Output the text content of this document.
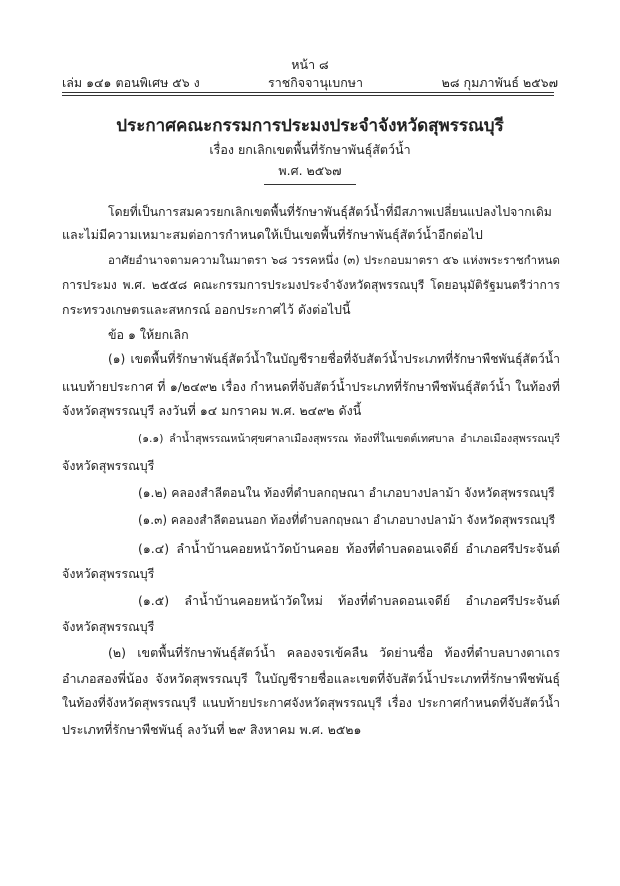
หน้า ๘
เล่ม ๑๔๑ ตอนพิเศษ ๕๖ ง	ราชกิจจานุเบกษา	๒๘ กุมภาพันธ์ ๒๕๖๗
ประกาศคณะกรรมการประมงประจำจังหวัดสุพรรณบุรี
เรื่อง ยกเลิกเขตพื้นที่รักษาพันธุ์สัตว์น้ำ
พ.ศ. ๒๕๖๗
โดยที่เป็นการสมควรยกเลิกเขตพื้นที่รักษาพันธุ์สัตว์น้ำที่มีสภาพเปลี่ยนแปลงไปจากเดิม
และไม่มีความเหมาะสมต่อการกำหนดให้เป็นเขตพื้นที่รักษาพันธุ์สัตว์น้ำอีกต่อไป
อาศัยอำนาจตามความในมาตรา ๖๘ วรรคหนึ่ง (๓) ประกอบมาตรา ๕๖ แห่งพระราชกำหนด
การประมง พ.ศ. ๒๕๕๘ คณะกรรมการประมงประจำจังหวัดสุพรรณบุรี โดยอนุมัติรัฐมนตรีว่าการ
กระทรวงเกษตรและสหกรณ์ ออกประกาศไว้ ดังต่อไปนี้
ข้อ ๑ ให้ยกเลิก
(๑) เขตพื้นที่รักษาพันธุ์สัตว์น้ำในบัญชีรายชื่อที่จับสัตว์น้ำประเภทที่รักษาพืชพันธุ์สัตว์น้ำ
แนบท้ายประกาศ ที่ ๑/๒๔๙๒ เรื่อง กำหนดที่จับสัตว์น้ำประเภทที่รักษาพืชพันธุ์สัตว์น้ำ ในท้องที่
จังหวัดสุพรรณบุรี ลงวันที่ ๑๔ มกราคม พ.ศ. ๒๔๙๒ ดังนี้
(๑.๑) ลำน้ำสุพรรณหน้าศุขศาลาเมืองสุพรรณ ท้องที่ในเขตต์เทศบาล อำเภอเมืองสุพรรณบุรี
จังหวัดสุพรรณบุรี
(๑.๒) คลองสำลีตอนใน ท้องที่ตำบลกฤษณา อำเภอบางปลาม้า จังหวัดสุพรรณบุรี
(๑.๓) คลองสำลีตอนนอก ท้องที่ตำบลกฤษณา อำเภอบางปลาม้า จังหวัดสุพรรณบุรี
(๑.๔) ลำน้ำบ้านคอยหน้าวัดบ้านคอย ท้องที่ตำบลดอนเจดีย์ อำเภอศรีประจันต์
จังหวัดสุพรรณบุรี
(๑.๕) ลำน้ำบ้านคอยหน้าวัดใหม่ ท้องที่ตำบลดอนเจดีย์ อำเภอศรีประจันต์
จังหวัดสุพรรณบุรี
(๒) เขตพื้นที่รักษาพันธุ์สัตว์น้ำ คลองจรเข้คลืน วัดย่านซื่อ ท้องที่ตำบลบางตาเถร
อำเภอสองพี่น้อง จังหวัดสุพรรณบุรี ในบัญชีรายชื่อและเขตที่จับสัตว์น้ำประเภทที่รักษาพืชพันธุ์
ในท้องที่จังหวัดสุพรรณบุรี แนบท้ายประกาศจังหวัดสุพรรณบุรี เรื่อง ประกาศกำหนดที่จับสัตว์น้ำ
ประเภทที่รักษาพืชพันธุ์ ลงวันที่ ๒๙ สิงหาคม พ.ศ. ๒๕๒๑
